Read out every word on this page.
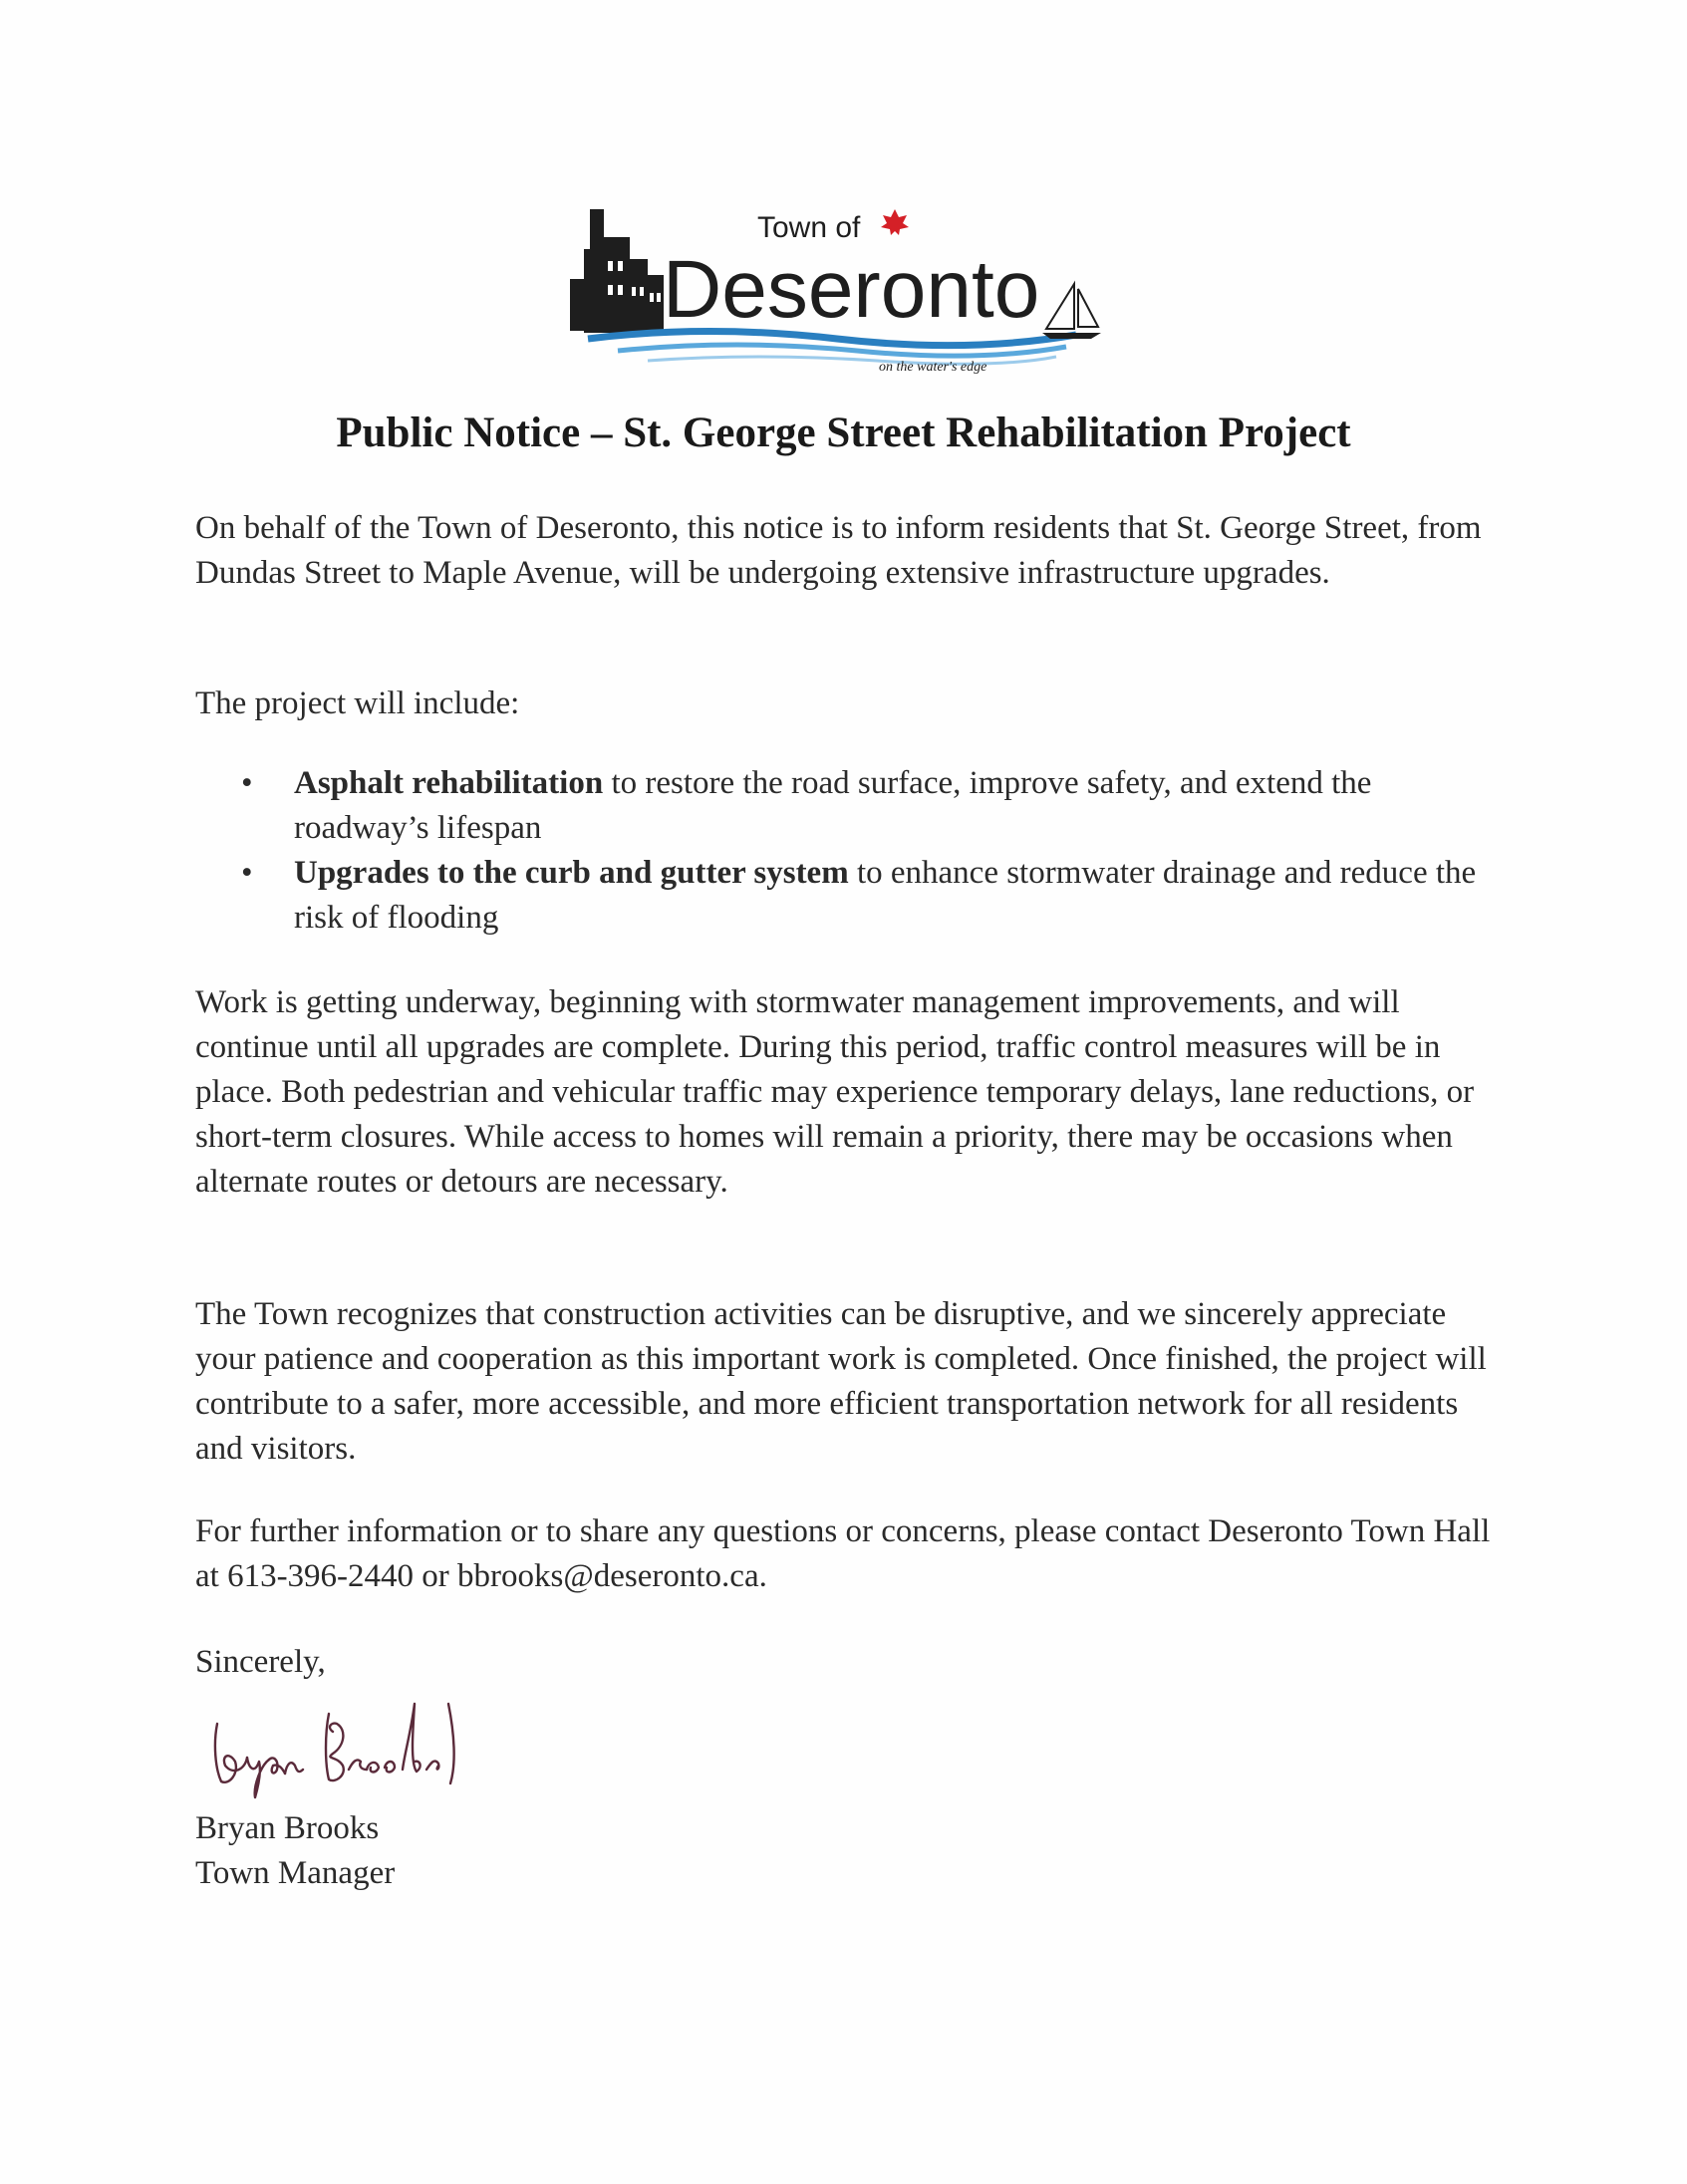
Town of
Deseronto
on the water's edge
Public Notice – St. George Street Rehabilitation Project

On behalf of the Town of Deseronto, this notice is to inform residents that St. George Street, from Dundas Street to Maple Avenue, will be undergoing extensive infrastructure upgrades.

The project will include:

• Asphalt rehabilitation to restore the road surface, improve safety, and extend the roadway’s lifespan
• Upgrades to the curb and gutter system to enhance stormwater drainage and reduce the risk of flooding

Work is getting underway, beginning with stormwater management improvements, and will continue until all upgrades are complete. During this period, traffic control measures will be in place. Both pedestrian and vehicular traffic may experience temporary delays, lane reductions, or short-term closures. While access to homes will remain a priority, there may be occasions when alternate routes or detours are necessary.

The Town recognizes that construction activities can be disruptive, and we sincerely appreciate your patience and cooperation as this important work is completed. Once finished, the project will contribute to a safer, more accessible, and more efficient transportation network for all residents and visitors.

For further information or to share any questions or concerns, please contact Deseronto Town Hall at 613-396-2440 or bbrooks@deseronto.ca.

Sincerely,

Bryan Brooks

Town Manager
